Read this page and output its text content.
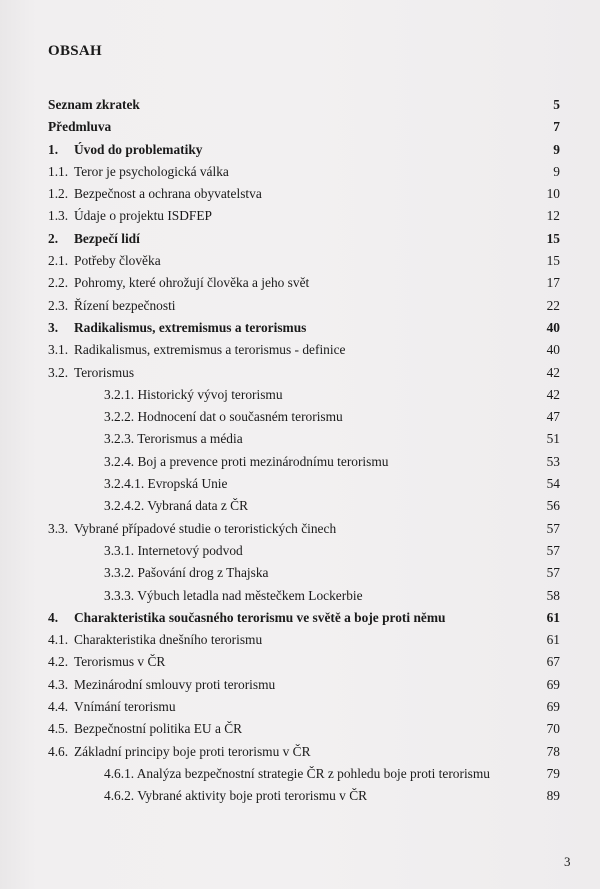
OBSAH
Seznam zkratek	5
Předmluva	7
1. Úvod do problematiky	9
1.1. Teror je psychologická válka	9
1.2. Bezpečnost a ochrana obyvatelstva	10
1.3. Údaje o projektu ISDFEP	12
2. Bezpečí lidí	15
2.1. Potřeby člověka	15
2.2. Pohromy, které ohrožují člověka a jeho svět	17
2.3. Řízení bezpečnosti	22
3. Radikalismus, extremismus a terorismus	40
3.1. Radikalismus, extremismus a terorismus - definice	40
3.2. Terorismus	42
3.2.1. Historický vývoj terorismu	42
3.2.2. Hodnocení dat o současném terorismu	47
3.2.3. Terorismus a média	51
3.2.4. Boj a prevence proti mezinárodnímu terorismu	53
3.2.4.1. Evropská Unie	54
3.2.4.2. Vybraná data z ČR	56
3.3. Vybrané případové studie o teroristických činech	57
3.3.1. Internetový podvod	57
3.3.2. Pašování drog z Thajska	57
3.3.3. Výbuch letadla nad městečkem Lockerbie	58
4. Charakteristika současného terorismu ve světě a boje proti němu	61
4.1. Charakteristika dnešního terorismu	61
4.2. Terorismus v ČR	67
4.3. Mezinárodní smlouvy proti terorismu	69
4.4. Vnímání terorismu	69
4.5. Bezpečnostní politika EU a ČR	70
4.6. Základní principy boje proti terorismu v ČR	78
4.6.1. Analýza bezpečnostní strategie ČR z pohledu boje proti terorismu	79
4.6.2. Vybrané aktivity boje proti terorismu v ČR	89
3
